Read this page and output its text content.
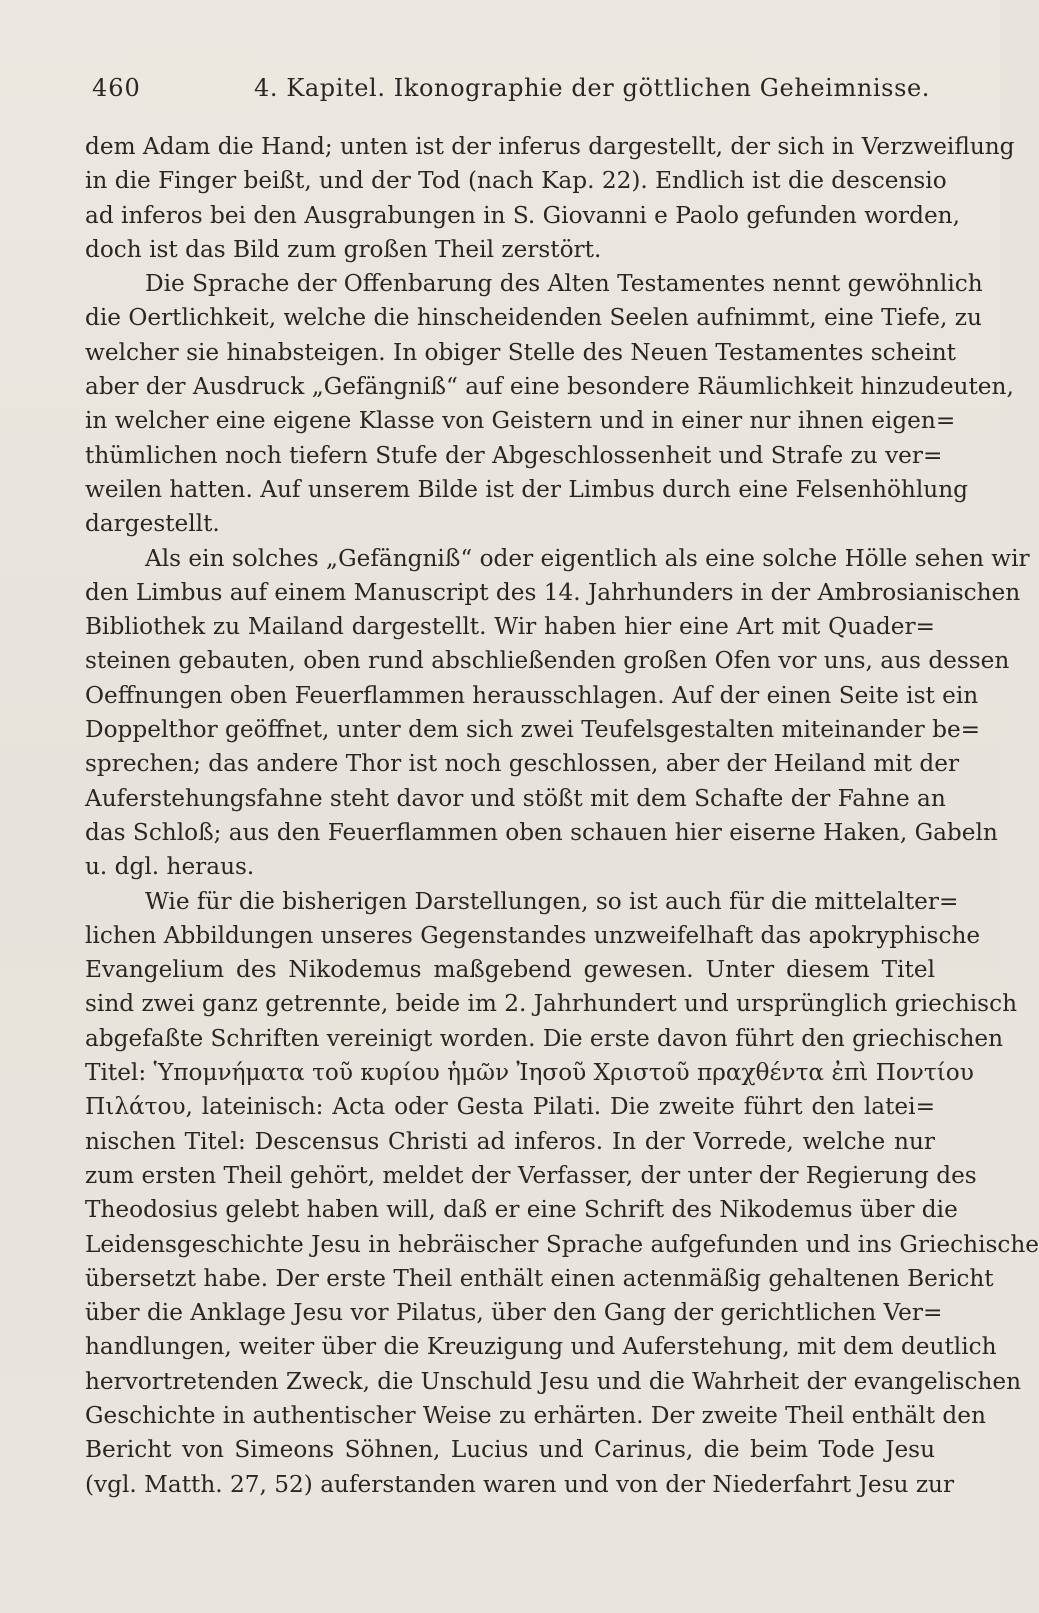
460	4. Kapitel. Ikonographie der göttlichen Geheimnisse.
dem Adam die Hand; unten ist der inferus dargestellt, der sich in Verzweiflung
in die Finger beißt, und der Tod (nach Kap. 22). Endlich ist die descensio
ad inferos bei den Ausgrabungen in S. Giovanni e Paolo gefunden worden,
doch ist das Bild zum großen Theil zerstört.
Die Sprache der Offenbarung des Alten Testamentes nennt gewöhnlich
die Oertlichkeit, welche die hinscheidenden Seelen aufnimmt, eine Tiefe, zu
welcher sie hinabsteigen. In obiger Stelle des Neuen Testamentes scheint
aber der Ausdruck „Gefängniß“ auf eine besondere Räumlichkeit hinzudeuten,
in welcher eine eigene Klasse von Geistern und in einer nur ihnen eigen=
thümlichen noch tiefern Stufe der Abgeschlossenheit und Strafe zu ver=
weilen hatten. Auf unserem Bilde ist der Limbus durch eine Felsenhöhlung
dargestellt.
Als ein solches „Gefängniß“ oder eigentlich als eine solche Hölle sehen wir
den Limbus auf einem Manuscript des 14. Jahrhunders in der Ambrosianischen
Bibliothek zu Mailand dargestellt. Wir haben hier eine Art mit Quader=
steinen gebauten, oben rund abschließenden großen Ofen vor uns, aus dessen
Oeffnungen oben Feuerflammen herausschlagen. Auf der einen Seite ist ein
Doppelthor geöffnet, unter dem sich zwei Teufelsgestalten miteinander be=
sprechen; das andere Thor ist noch geschlossen, aber der Heiland mit der
Auferstehungsfahne steht davor und stößt mit dem Schafte der Fahne an
das Schloß; aus den Feuerflammen oben schauen hier eiserne Haken, Gabeln
u. dgl. heraus.
Wie für die bisherigen Darstellungen, so ist auch für die mittelalter=
lichen Abbildungen unseres Gegenstandes unzweifelhaft das apokryphische
Evangelium des Nikodemus maßgebend gewesen. Unter diesem Titel
sind zwei ganz getrennte, beide im 2. Jahrhundert und ursprünglich griechisch
abgefaßte Schriften vereinigt worden. Die erste davon führt den griechischen
Titel: Ὑπομνήματα τοῦ κυρίου ἡμῶν Ἰησοῦ Χριστοῦ πραχθέντα ἐπὶ Ποντίου
Πιλάτου, lateinisch: Acta oder Gesta Pilati. Die zweite führt den latei=
nischen Titel: Descensus Christi ad inferos. In der Vorrede, welche nur
zum ersten Theil gehört, meldet der Verfasser, der unter der Regierung des
Theodosius gelebt haben will, daß er eine Schrift des Nikodemus über die
Leidensgeschichte Jesu in hebräischer Sprache aufgefunden und ins Griechische
übersetzt habe. Der erste Theil enthält einen actenmäßig gehaltenen Bericht
über die Anklage Jesu vor Pilatus, über den Gang der gerichtlichen Ver=
handlungen, weiter über die Kreuzigung und Auferstehung, mit dem deutlich
hervortretenden Zweck, die Unschuld Jesu und die Wahrheit der evangelischen
Geschichte in authentischer Weise zu erhärten. Der zweite Theil enthält den
Bericht von Simeons Söhnen, Lucius und Carinus, die beim Tode Jesu
(vgl. Matth. 27, 52) auferstanden waren und von der Niederfahrt Jesu zur
